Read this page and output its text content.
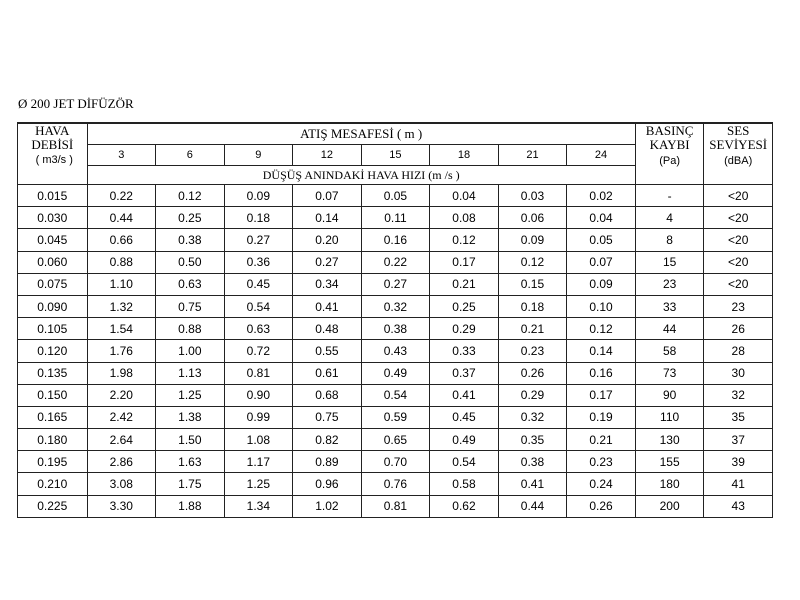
Ø 200 JET DİFÜZÖR
HAVA
DEBİSİ
( m3/s )	ATIŞ MESAFESİ ( m )								BASINÇ
KAYBI
(Pa)	SES
SEVİYESİ
(dBA)

	3	6	9	12	15	18	21	24		
	DÜŞÜŞ ANINDAKİ HAVA HIZI (m /s )									
0.015	0.22	0.12	0.09	0.07	0.05	0.04	0.03	0.02	-	<20
0.030	0.44	0.25	0.18	0.14	0.11	0.08	0.06	0.04	4	<20
0.045	0.66	0.38	0.27	0.20	0.16	0.12	0.09	0.05	8	<20
0.060	0.88	0.50	0.36	0.27	0.22	0.17	0.12	0.07	15	<20
0.075	1.10	0.63	0.45	0.34	0.27	0.21	0.15	0.09	23	<20
0.090	1.32	0.75	0.54	0.41	0.32	0.25	0.18	0.10	33	23
0.105	1.54	0.88	0.63	0.48	0.38	0.29	0.21	0.12	44	26
0.120	1.76	1.00	0.72	0.55	0.43	0.33	0.23	0.14	58	28
0.135	1.98	1.13	0.81	0.61	0.49	0.37	0.26	0.16	73	30
0.150	2.20	1.25	0.90	0.68	0.54	0.41	0.29	0.17	90	32
0.165	2.42	1.38	0.99	0.75	0.59	0.45	0.32	0.19	110	35
0.180	2.64	1.50	1.08	0.82	0.65	0.49	0.35	0.21	130	37
0.195	2.86	1.63	1.17	0.89	0.70	0.54	0.38	0.23	155	39
0.210	3.08	1.75	1.25	0.96	0.76	0.58	0.41	0.24	180	41
0.225	3.30	1.88	1.34	1.02	0.81	0.62	0.44	0.26	200	43
